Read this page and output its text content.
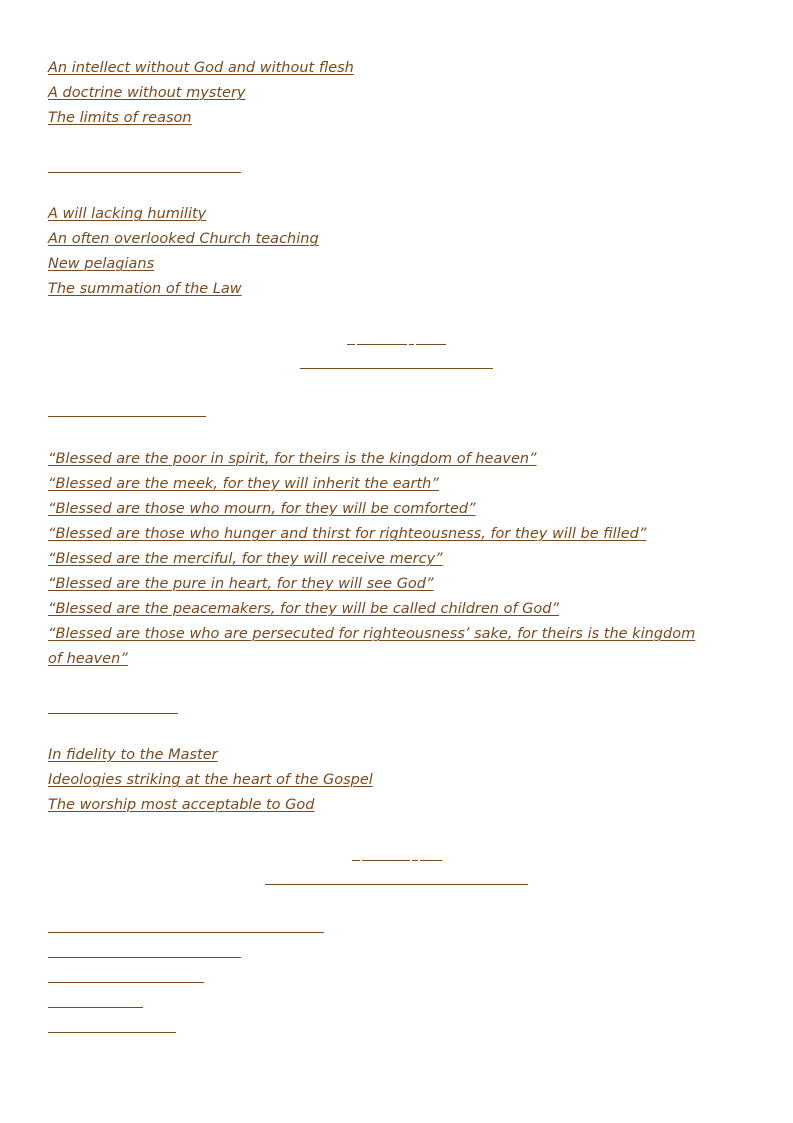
An intellect without God and without flesh
A doctrine without mystery
The limits of reason
A will lacking humility
An often overlooked Church teaching
New pelagians
The summation of the Law
“Blessed are the poor in spirit, for theirs is the kingdom of heaven”
“Blessed are the meek, for they will inherit the earth”
“Blessed are those who mourn, for they will be comforted”
“Blessed are those who hunger and thirst for righteousness, for they will be filled”
“Blessed are the merciful, for they will receive mercy”
“Blessed are the pure in heart, for they will see God”
“Blessed are the peacemakers, for they will be called children of God”
“Blessed are those who are persecuted for righteousness’ sake, for theirs is the kingdom of heaven”
In fidelity to the Master
Ideologies striking at the heart of the Gospel
The worship most acceptable to God
